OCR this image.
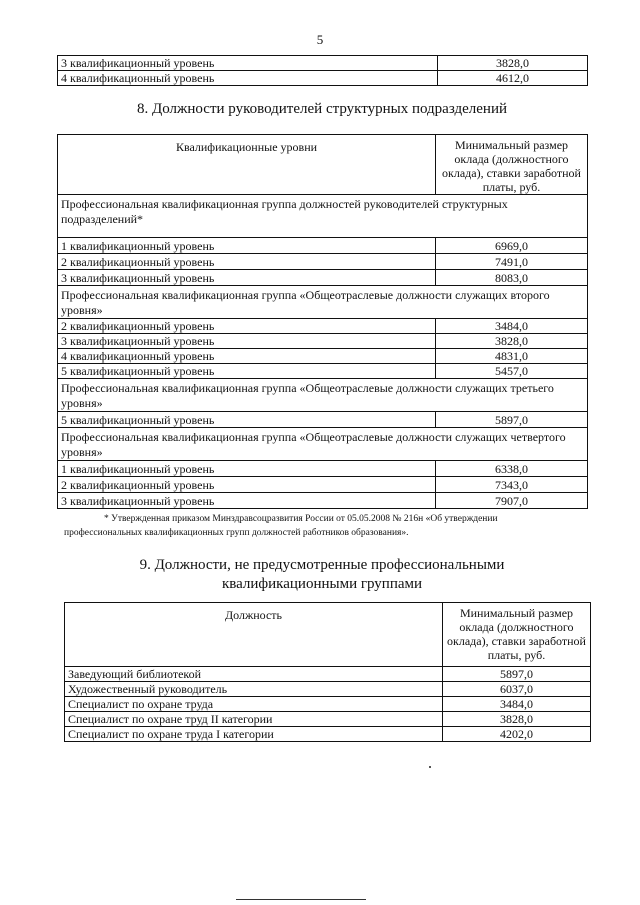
5
3 квалификационный уровень	3828,0
4 квалификационный уровень	4612,0
8. Должности руководителей структурных подразделений
Квалификационные уровни	Минимальный размер оклада (должностного оклада), ставки заработной платы, руб.
Профессиональная квалификационная группа должностей руководителей структурных подразделений*	
1 квалификационный уровень	6969,0
2 квалификационный уровень	7491,0
3 квалификационный уровень	8083,0
Профессиональная квалификационная группа «Общеотраслевые должности служащих второго уровня»	
2 квалификационный уровень	3484,0
3 квалификационный уровень	3828,0
4 квалификационный уровень	4831,0
5 квалификационный уровень	5457,0
Профессиональная квалификационная группа «Общеотраслевые должности служащих третьего уровня»	
5 квалификационный уровень	5897,0
Профессиональная квалификационная группа «Общеотраслевые должности служащих четвертого уровня»	
1 квалификационный уровень	6338,0
2 квалификационный уровень	7343,0
3 квалификационный уровень	7907,0

* Утвержденная приказом Минздравсоцразвития России от 05.05.2008 № 216н «Об утверждении

профессиональных квалификационных групп должностей работников образования».

9. Должности, не предусмотренные профессиональными
квалификационными группами
Должность	Минимальный размер оклада (должностного оклада), ставки заработной платы, руб.
Заведующий библиотекой	5897,0
Художественный руководитель	6037,0
Специалист по охране труда	3484,0
Специалист по охране труд II категории	3828,0
Специалист по охране труда I категории	4202,0
